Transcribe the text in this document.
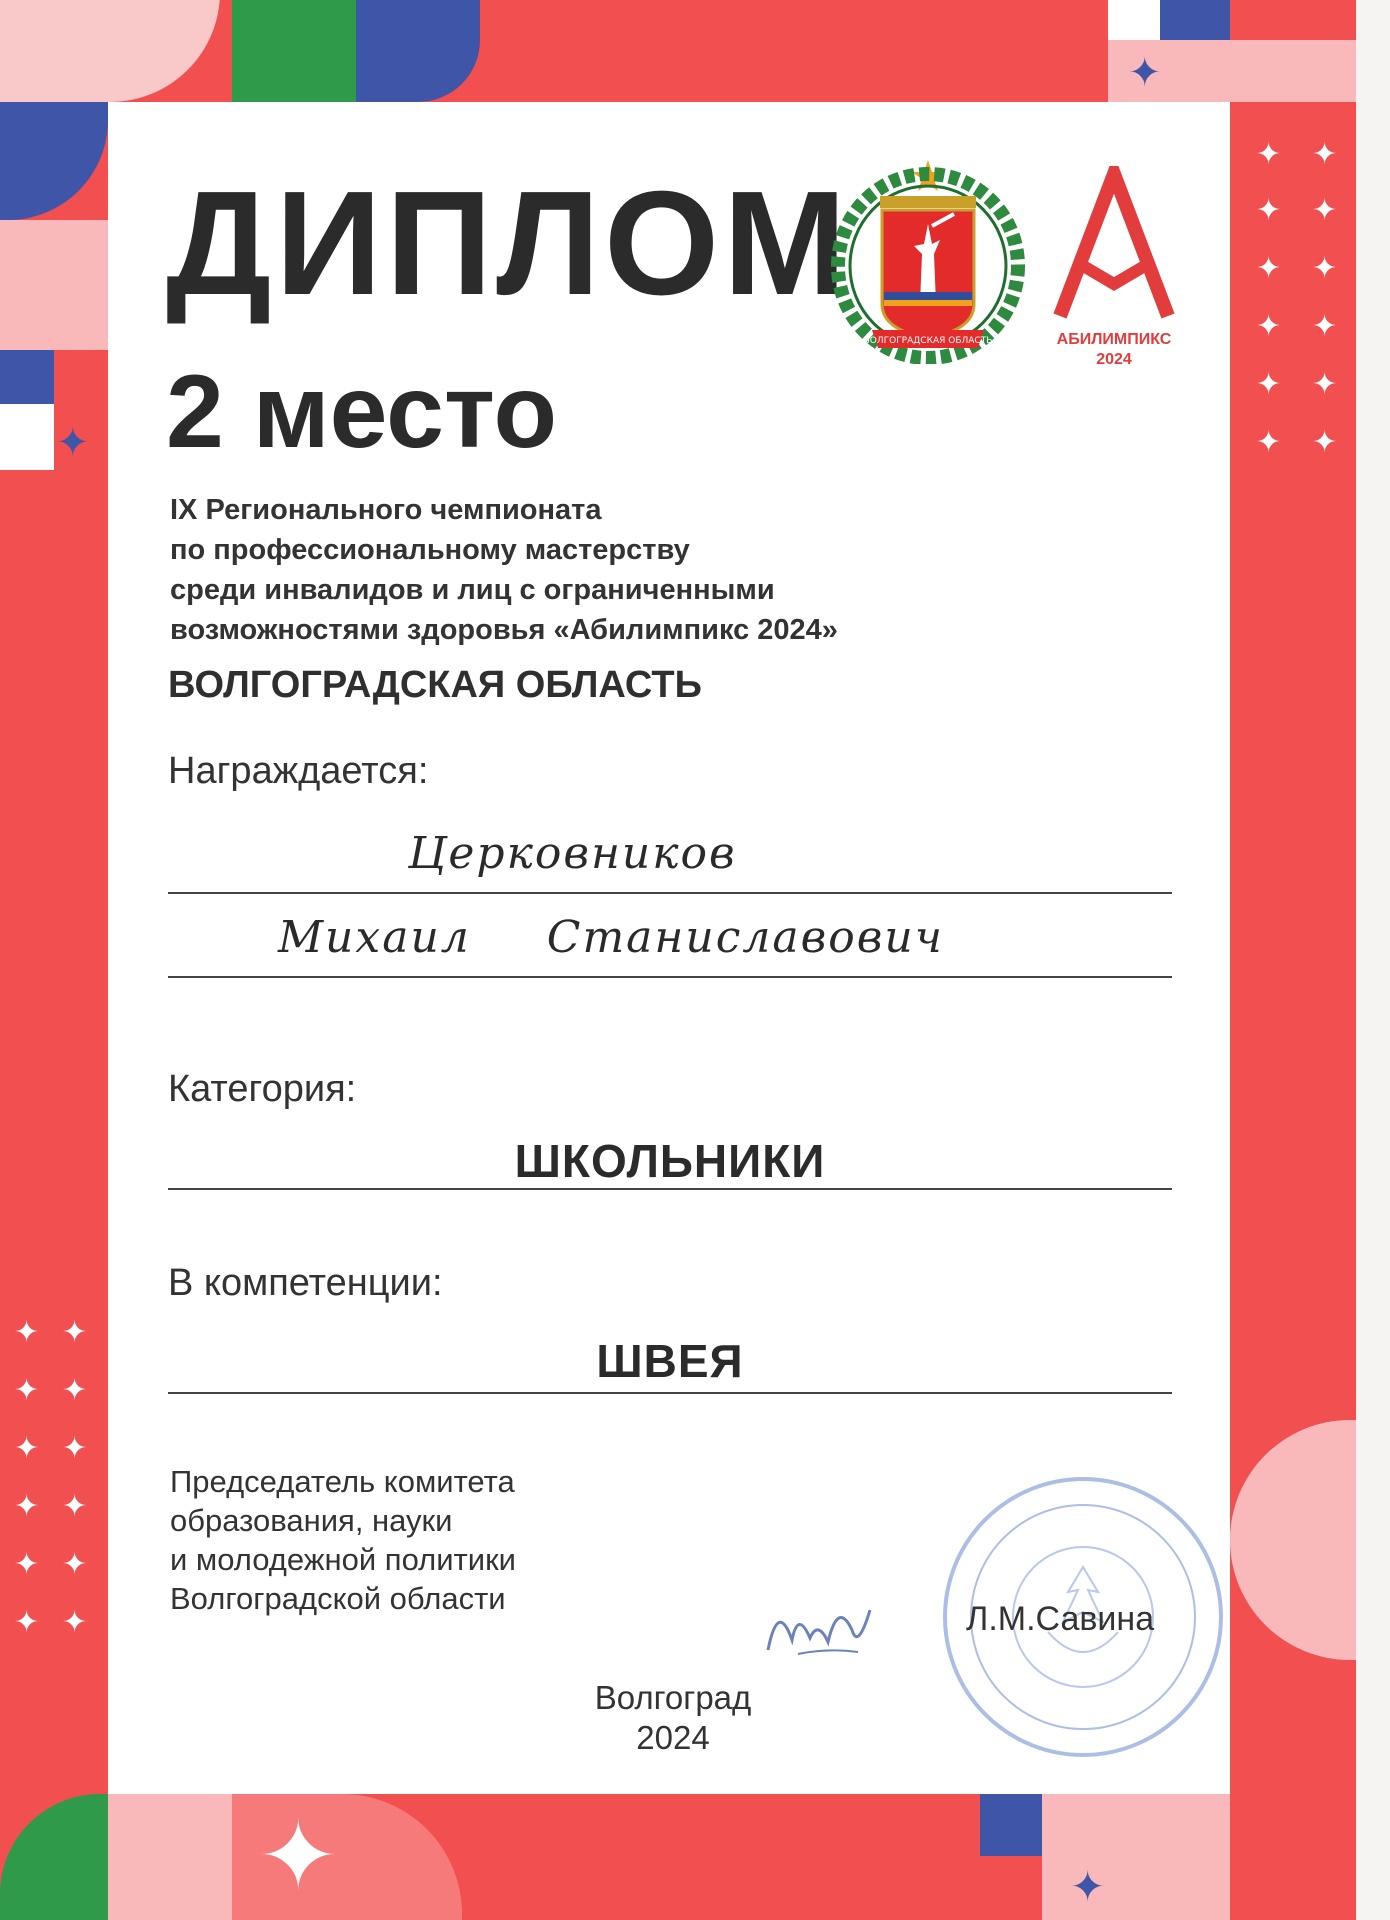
✦
✦
✦	✦
✦ ✦
✦ ✦
✦ ✦
✦ ✦
✦ ✦
✦ ✦
✦ ✦
✦ ✦
✦ ✦
✦ ✦
✦ ✦
✦ ✦
ДИПЛОМ
2 место
ВОЛГОГРАДСКАЯ ОБЛАСТЬ	АБИЛИМПИКС
2024
IX Регионального чемпионата
по профессиональному мастерству
среди инвалидов и лиц с ограниченными
возможностями здоровья «Абилимпикс 2024»
ВОЛГОГРАДСКАЯ ОБЛАСТЬ
Награждается:
Церковников
Михаил Станиславович
Категория:
ШКОЛЬНИКИ
В компетенции:
ШВЕЯ
Председатель комитета
образования, науки
и молодежной политики
Волгоградской области
Л.М.Савина
Волгоград
2024
